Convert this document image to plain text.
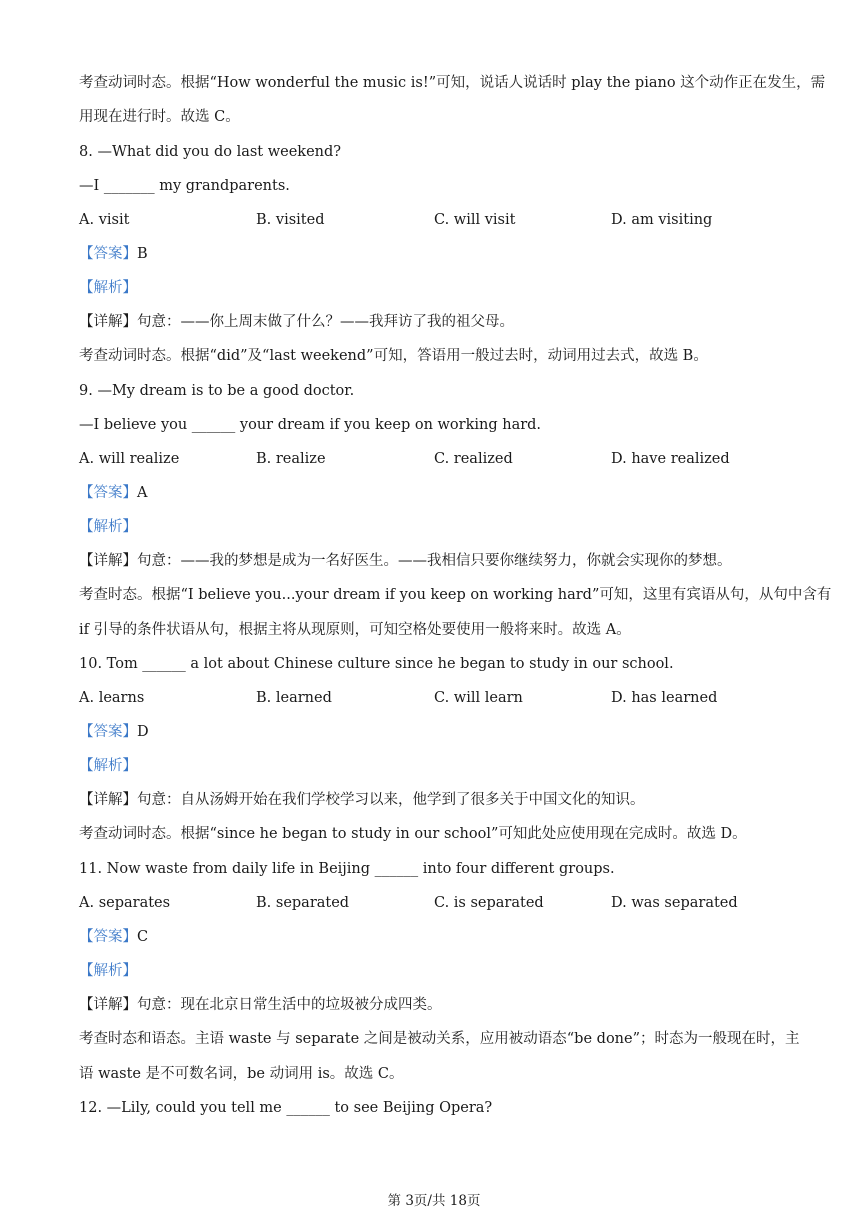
考查动词时态。根据“How wonderful the music is!”可知，说话人说话时 play the piano 这个动作正在发生，需
用现在进行时。故选 C。
8. —What did you do last weekend?
—I _______ my grandparents.
A. visit	B. visited	C. will visit	D. am visiting
【答案】B
【解析】
【详解】句意：——你上周末做了什么？——我拜访了我的祖父母。
考查动词时态。根据“did”及“last weekend”可知，答语用一般过去时，动词用过去式，故选 B。
9. —My dream is to be a good doctor.
—I believe you ______ your dream if you keep on working hard.
A. will realize	B. realize	C. realized	D. have realized
【答案】A
【解析】
【详解】句意：——我的梦想是成为一名好医生。——我相信只要你继续努力，你就会实现你的梦想。
考查时态。根据“I believe you...your dream if you keep on working hard”可知，这里有宾语从句，从句中含有
if 引导的条件状语从句，根据主将从现原则，可知空格处要使用一般将来时。故选 A。
10. Tom ______ a lot about Chinese culture since he began to study in our school.
A. learns	B. learned	C. will learn	D. has learned
【答案】D
【解析】
【详解】句意：自从汤姆开始在我们学校学习以来，他学到了很多关于中国文化的知识。
考查动词时态。根据“since he began to study in our school”可知此处应使用现在完成时。故选 D。
11. Now waste from daily life in Beijing ______ into four different groups.
A. separates	B. separated	C. is separated	D. was separated
【答案】C
【解析】
【详解】句意：现在北京日常生活中的垃圾被分成四类。
考查时态和语态。主语 waste 与 separate 之间是被动关系，应用被动语态“be done”；时态为一般现在时，主
语 waste 是不可数名词，be 动词用 is。故选 C。
12. —Lily, could you tell me ______ to see Beijing Opera?
第 3页/共 18页
